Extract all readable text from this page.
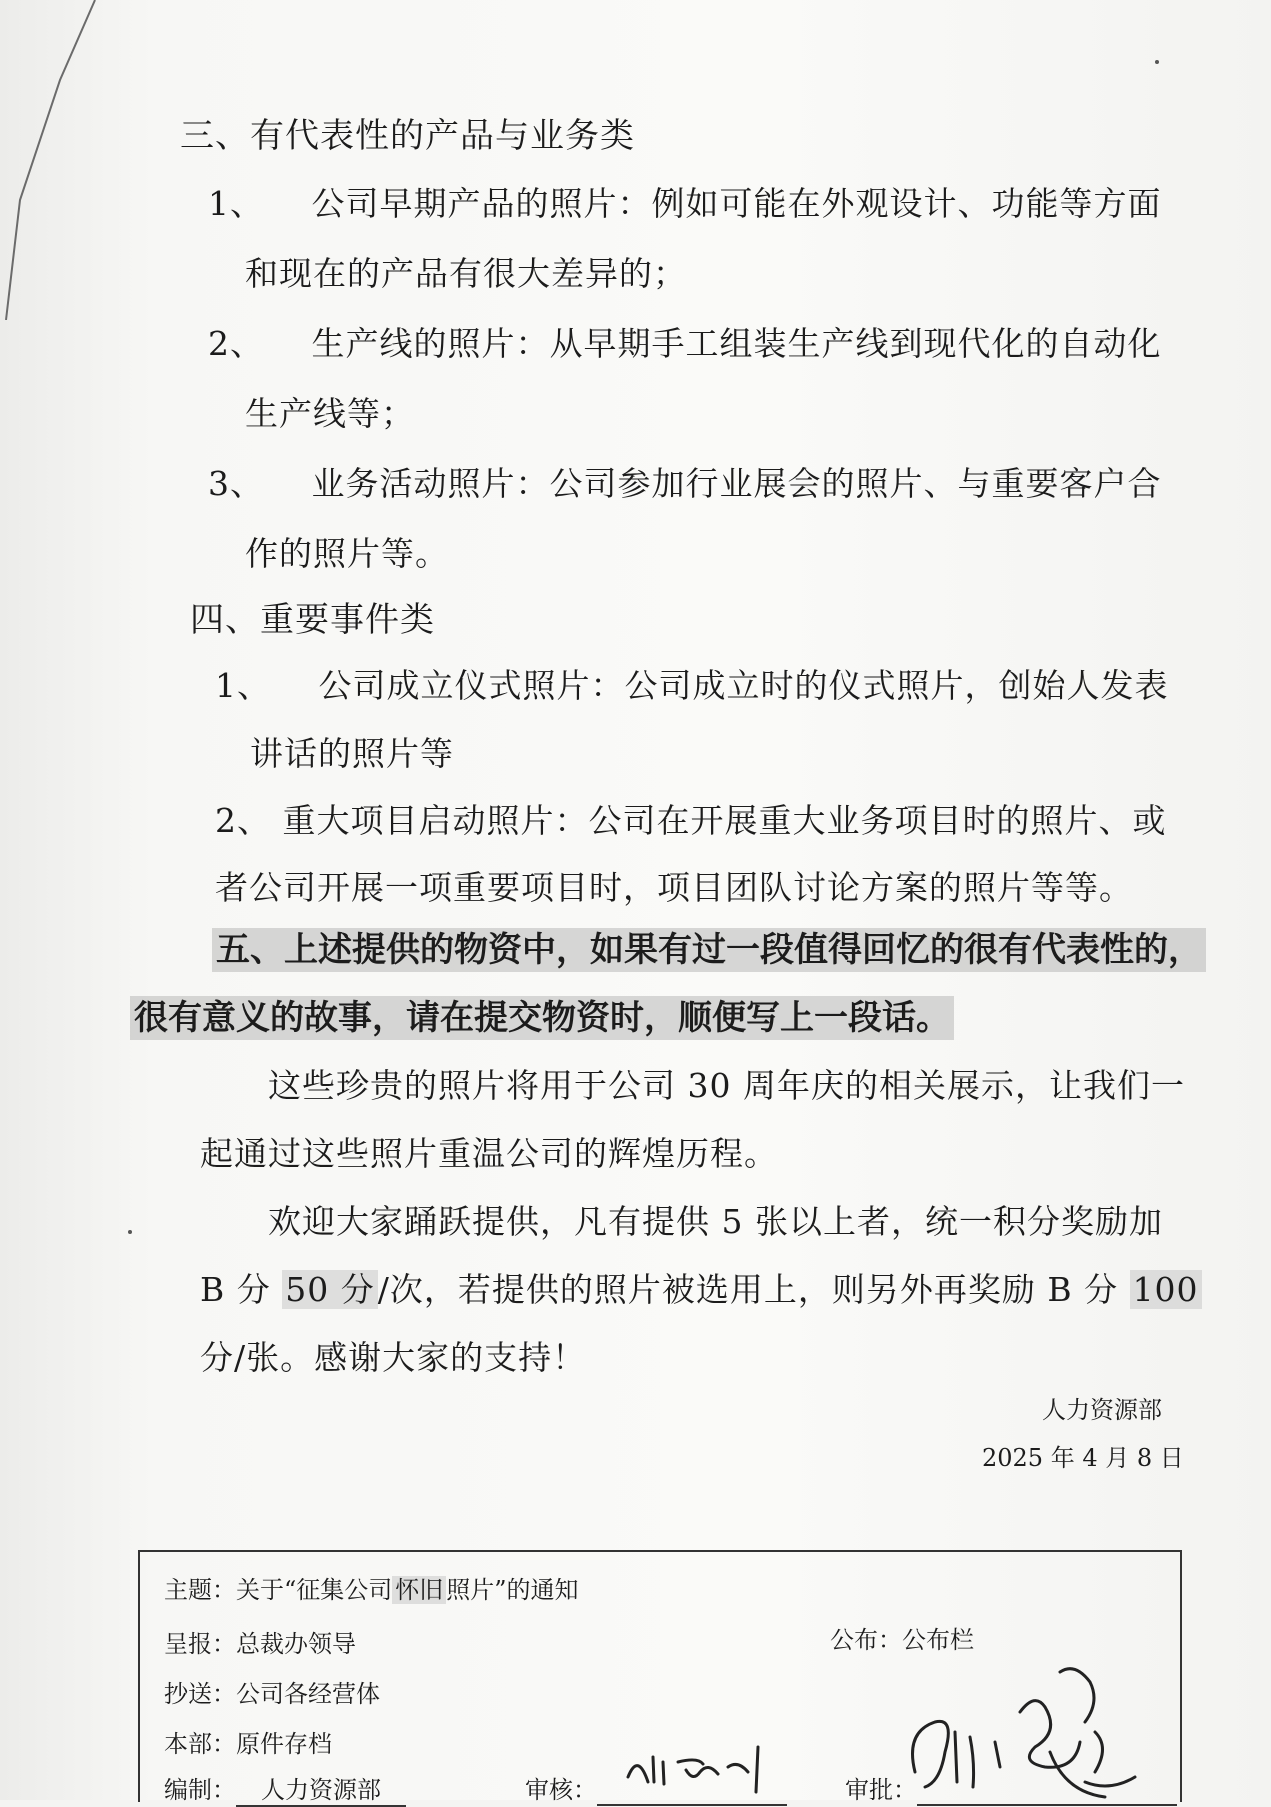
三、有代表性的产品与业务类
1、 公司早期产品的照片：例如可能在外观设计、功能等方面
和现在的产品有很大差异的；
2、 生产线的照片：从早期手工组装生产线到现代化的自动化
生产线等；
3、 业务活动照片：公司参加行业展会的照片、与重要客户合
作的照片等。
四、重要事件类
1、 公司成立仪式照片：公司成立时的仪式照片，创始人发表
讲话的照片等
2、 重大项目启动照片：公司在开展重大业务项目时的照片、或
者公司开展一项重要项目时，项目团队讨论方案的照片等等。
五、上述提供的物资中，如果有过一段值得回忆的很有代表性的，
很有意义的故事，请在提交物资时，顺便写上一段话。
这些珍贵的照片将用于公司 30 周年庆的相关展示，让我们一
起通过这些照片重温公司的辉煌历程。
欢迎大家踊跃提供，凡有提供 5 张以上者，统一积分奖励加
B 分 50 分/次，若提供的照片被选用上，则另外再奖励 B 分 100
分/张。感谢大家的支持！
人力资源部
2025 年 4 月 8 日
主题：关于“征集公司 怀旧 照片”的通知
呈报：总裁办领导	公布：公布栏
抄送：公司各经营体
本部：原件存档
编制： 人力资源部	审核：	审批：
